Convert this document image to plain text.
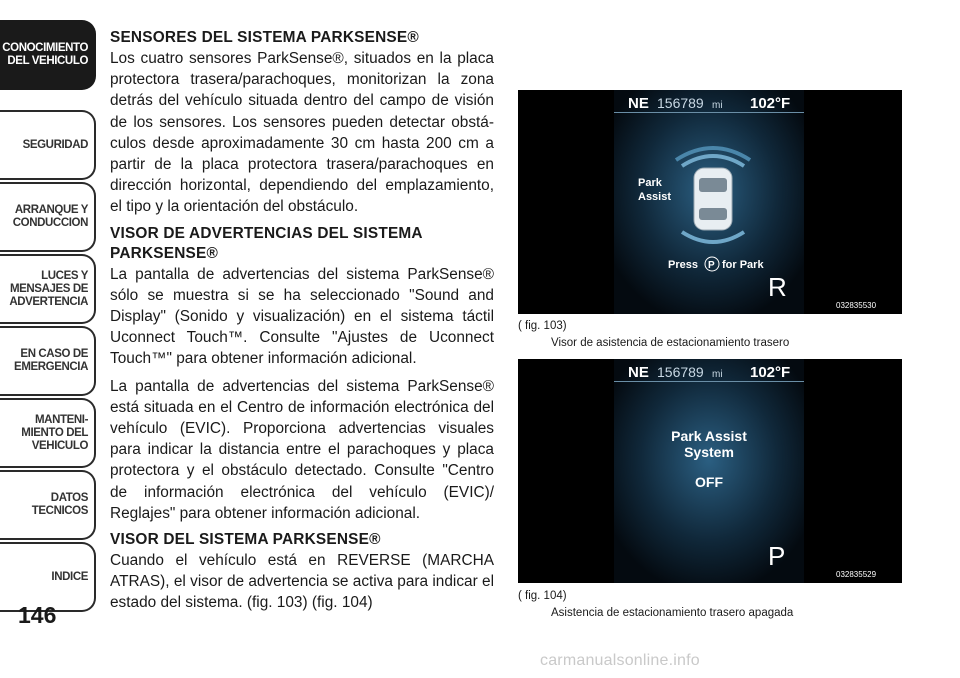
CONOCIMIENTO
DEL VEHICULO
SEGURIDAD
ARRANQUE Y
CONDUCCION
LUCES Y
MENSAJES DE
ADVERTENCIA
EN CASO DE
EMERGENCIA
MANTENI-
MIENTO DEL
VEHICULO
DATOS
TECNICOS
INDICE
146
SENSORES DEL SISTEMA PARKSENSE®

Los cuatro sensores ParkSense®, situados en la placa protectora trasera/parachoques, monitorizan la zona detrás del vehículo situada dentro del campo de visión de los sensores. Los sensores pueden detectar obstá-culos desde aproximadamente 30 cm hasta 200 cm a partir de la placa protectora trasera/parachoques en dirección horizontal, dependiendo del emplazamiento, el tipo y la orientación del obstáculo.

VISOR DE ADVERTENCIAS DEL SISTEMA PARKSENSE®

La pantalla de advertencias del sistema ParkSense® sólo se muestra si se ha seleccionado "Sound and Display" (Sonido y visualización) en el sistema táctil Uconnect Touch™. Consulte "Ajustes de Uconnect Touch™" para obtener información adicional.

La pantalla de advertencias del sistema ParkSense® está situada en el Centro de información electrónica del vehículo (EVIC). Proporciona advertencias visuales para indicar la distancia entre el parachoques y placa protectora y el obstáculo detectado. Consulte "Centro de información electrónica del vehículo (EVIC)/ Reglajes" para obtener información adicional.

VISOR DEL SISTEMA PARKSENSE®

Cuando el vehículo está en REVERSE (MARCHA ATRAS), el visor de advertencia se activa para indicar el estado del sistema. (fig. 103) (fig. 104)

NE 156789 mi 102°F
Park
Assist
Press P for Park
R
032835530
( fig. 103)
Visor de asistencia de estacionamiento trasero
NE 156789 mi 102°F
Park Assist
System
OFF
P
032835529
( fig. 104)
Asistencia de estacionamiento trasero apagada
carmanualsonline.info
